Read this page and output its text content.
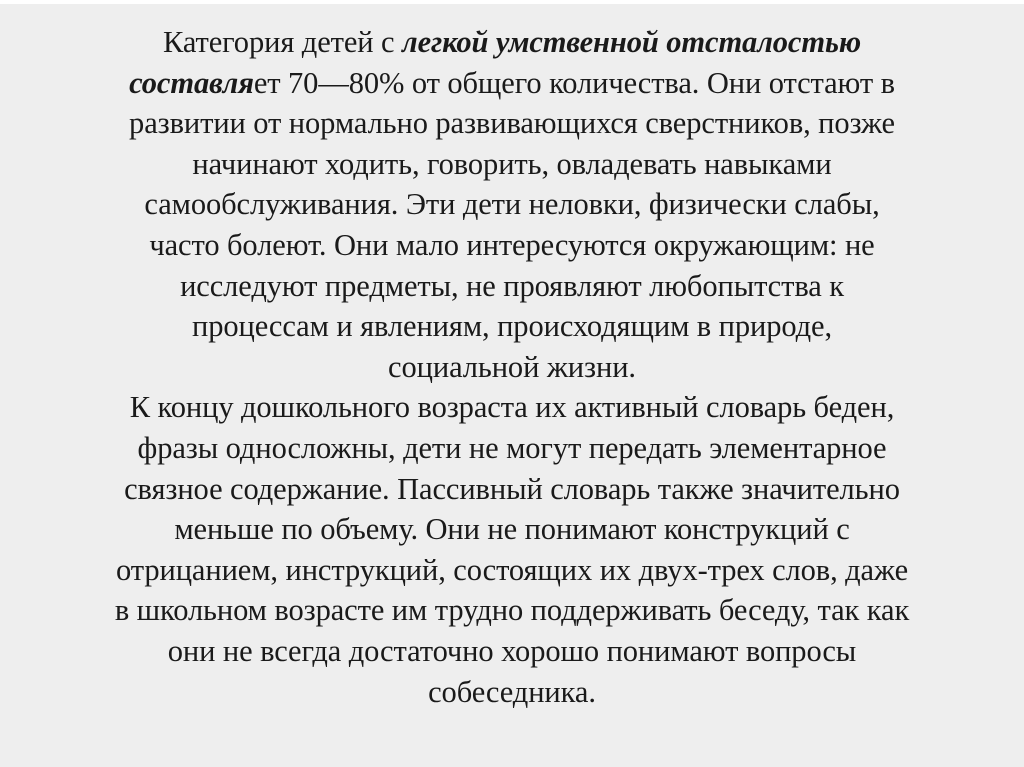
Категория детей с легкой умственной отсталостью
составляет 70—80% от общего количества. Они отстают в
развитии от нормально развивающихся сверстников, позже
начинают ходить, говорить, овладевать навыками
самообслуживания. Эти дети неловки, физически слабы,
часто болеют. Они мало интересуются окружающим: не
исследуют предметы, не проявляют любопытства к
процессам и явлениям, происходящим в природе,
социальной жизни.
К концу дошкольного возраста их активный словарь беден,
фразы односложны, дети не могут передать элементарное
связное содержание. Пассивный словарь также значительно
меньше по объему. Они не понимают конструкций с
отрицанием, инструкций, состоящих их двух-трех слов, даже
в школьном возрасте им трудно поддерживать беседу, так как
они не всегда достаточно хорошо понимают вопросы
собеседника.
